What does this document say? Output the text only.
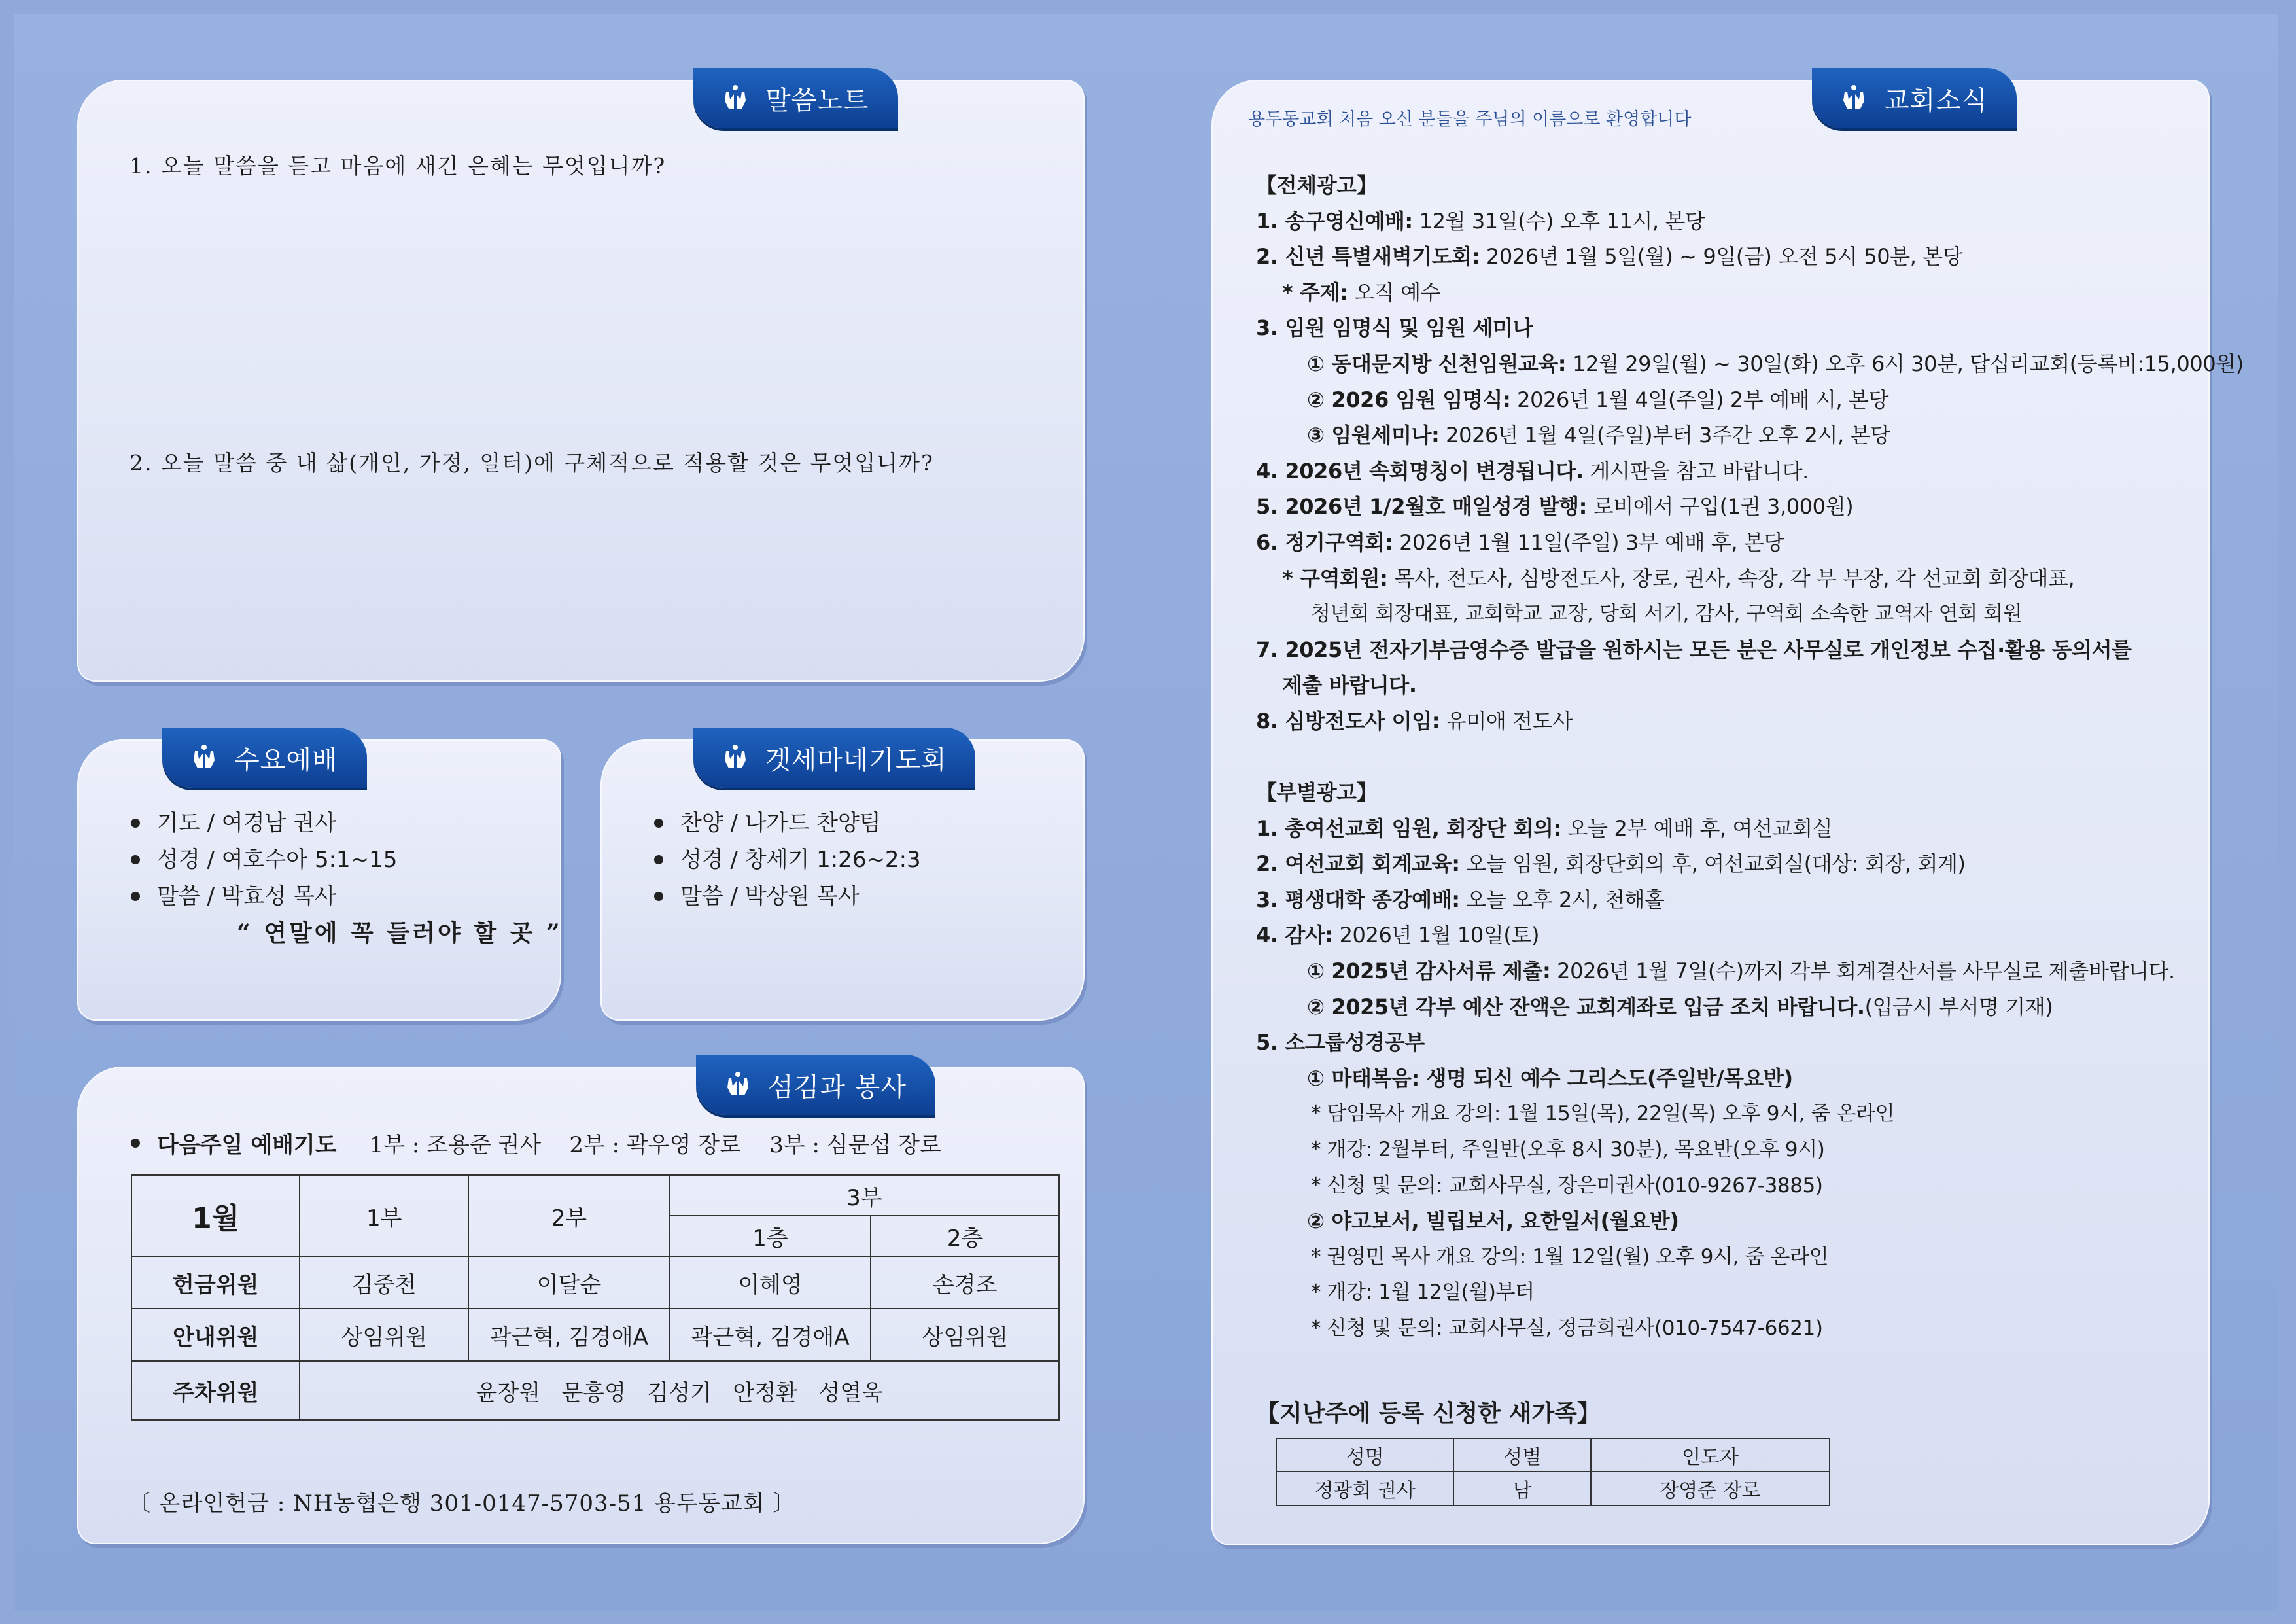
말씀노트
1. 오늘 말씀을 듣고 마음에 새긴 은혜는 무엇입니까?
2. 오늘 말씀 중 내 삶(개인, 가정, 일터)에 구체적으로 적용할 것은 무엇입니까?
수요예배
기도 / 여경남 권사
성경 / 여호수아 5:1~15
말씀 / 박효성 목사
“ 연말에 꼭 들러야 할 곳 ”
겟세마네기도회
찬양 / 나가드 찬양팀
성경 / 창세기 1:26~2:3
말씀 / 박상원 목사
섬김과 봉사
다음주일 예배기도 1부 : 조용준 권사    2부 : 곽우영 장로    3부 : 심문섭 장로
1월	1부	2부	3부	
			1층	2층
헌금위원	김중천	이달순	이혜영	손경조
안내위원	상임위원	곽근혁, 김경애A	곽근혁, 김경애A	상임위원
주차위원	윤장원   문흥영   김성기   안정환   성열욱			
〔 온라인헌금 : NH농협은행 301-0147-5703-51 용두동교회 〕
교회소식
용두동교회 처음 오신 분들을 주님의 이름으로 환영합니다
【전체광고】
1. 송구영신예배: 12월 31일(수) 오후 11시, 본당
2. 신년 특별새벽기도회: 2026년 1월 5일(월) ~ 9일(금) 오전 5시 50분, 본당
* 주제: 오직 예수
3. 임원 임명식 및 임원 세미나
① 동대문지방 신천임원교육: 12월 29일(월) ~ 30일(화) 오후 6시 30분, 답십리교회(등록비:15,000원)
② 2026 임원 임명식: 2026년 1월 4일(주일) 2부 예배 시, 본당
③ 임원세미나: 2026년 1월 4일(주일)부터 3주간 오후 2시, 본당
4. 2026년 속회명칭이 변경됩니다. 게시판을 참고 바랍니다.
5. 2026년 1/2월호 매일성경 발행: 로비에서 구입(1권 3,000원)
6. 정기구역회: 2026년 1월 11일(주일) 3부 예배 후, 본당
* 구역회원: 목사, 전도사, 심방전도사, 장로, 권사, 속장, 각 부 부장, 각 선교회 회장대표,
청년회 회장대표, 교회학교 교장, 당회 서기, 감사, 구역회 소속한 교역자 연회 회원
7. 2025년 전자기부금영수증 발급을 원하시는 모든 분은 사무실로 개인정보 수집·활용 동의서를
제출 바랍니다.
8. 심방전도사 이임: 유미애 전도사
【부별광고】
1. 총여선교회 임원, 회장단 회의: 오늘 2부 예배 후, 여선교회실
2. 여선교회 회계교육: 오늘 임원, 회장단회의 후, 여선교회실(대상: 회장, 회계)
3. 평생대학 종강예배: 오늘 오후 2시, 천해홀
4. 감사: 2026년 1월 10일(토)
① 2025년 감사서류 제출: 2026년 1월 7일(수)까지 각부 회계결산서를 사무실로 제출바랍니다.
② 2025년 각부 예산 잔액은 교회계좌로 입금 조치 바랍니다.(입금시 부서명 기재)
5. 소그룹성경공부
① 마태복음: 생명 되신 예수 그리스도(주일반/목요반)
* 담임목사 개요 강의: 1월 15일(목), 22일(목) 오후 9시, 줌 온라인
* 개강: 2월부터, 주일반(오후 8시 30분), 목요반(오후 9시)
* 신청 및 문의: 교회사무실, 장은미권사(010-9267-3885)
② 야고보서, 빌립보서, 요한일서(월요반)
* 권영민 목사 개요 강의: 1월 12일(월) 오후 9시, 줌 온라인
* 개강: 1월 12일(월)부터
* 신청 및 문의: 교회사무실, 정금희권사(010-7547-6621)
【지난주에 등록 신청한 새가족】
성명	성별	인도자
정광회 권사	남	장영준 장로
